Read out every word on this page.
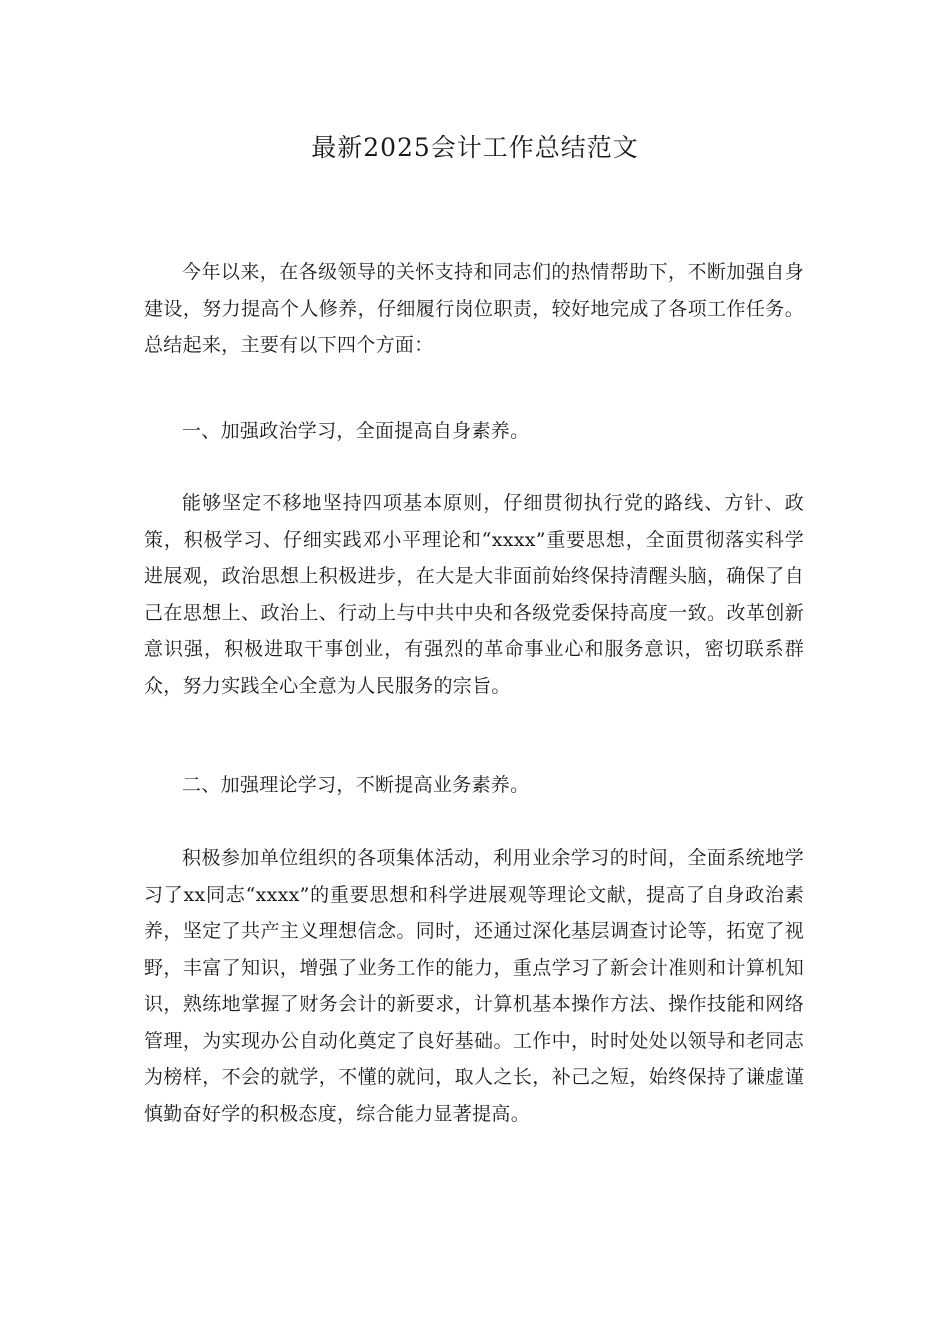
最新2025会计工作总结范文

今年以来，在各级领导的关怀支持和同志们的热情帮助下，不断加强自身建设，努力提高个人修养，仔细履行岗位职责，较好地完成了各项工作任务。总结起来，主要有以下四个方面：

一、加强政治学习，全面提高自身素养。

能够坚定不移地坚持四项基本原则，仔细贯彻执行党的路线、方针、政策，积极学习、仔细实践邓小平理论和“xxxx”重要思想，全面贯彻落实科学进展观，政治思想上积极进步，在大是大非面前始终保持清醒头脑，确保了自己在思想上、政治上、行动上与中共中央和各级党委保持高度一致。改革创新意识强，积极进取干事创业，有强烈的革命事业心和服务意识，密切联系群众，努力实践全心全意为人民服务的宗旨。

二、加强理论学习，不断提高业务素养。

积极参加单位组织的各项集体活动，利用业余学习的时间，全面系统地学习了xx同志“xxxx”的重要思想和科学进展观等理论文献，提高了自身政治素养，坚定了共产主义理想信念。同时，还通过深化基层调查讨论等，拓宽了视野，丰富了知识，增强了业务工作的能力，重点学习了新会计准则和计算机知识，熟练地掌握了财务会计的新要求，计算机基本操作方法、操作技能和网络管理，为实现办公自动化奠定了良好基础。工作中，时时处处以领导和老同志为榜样，不会的就学，不懂的就问，取人之长，补己之短，始终保持了谦虚谨慎勤奋好学的积极态度，综合能力显著提高。
